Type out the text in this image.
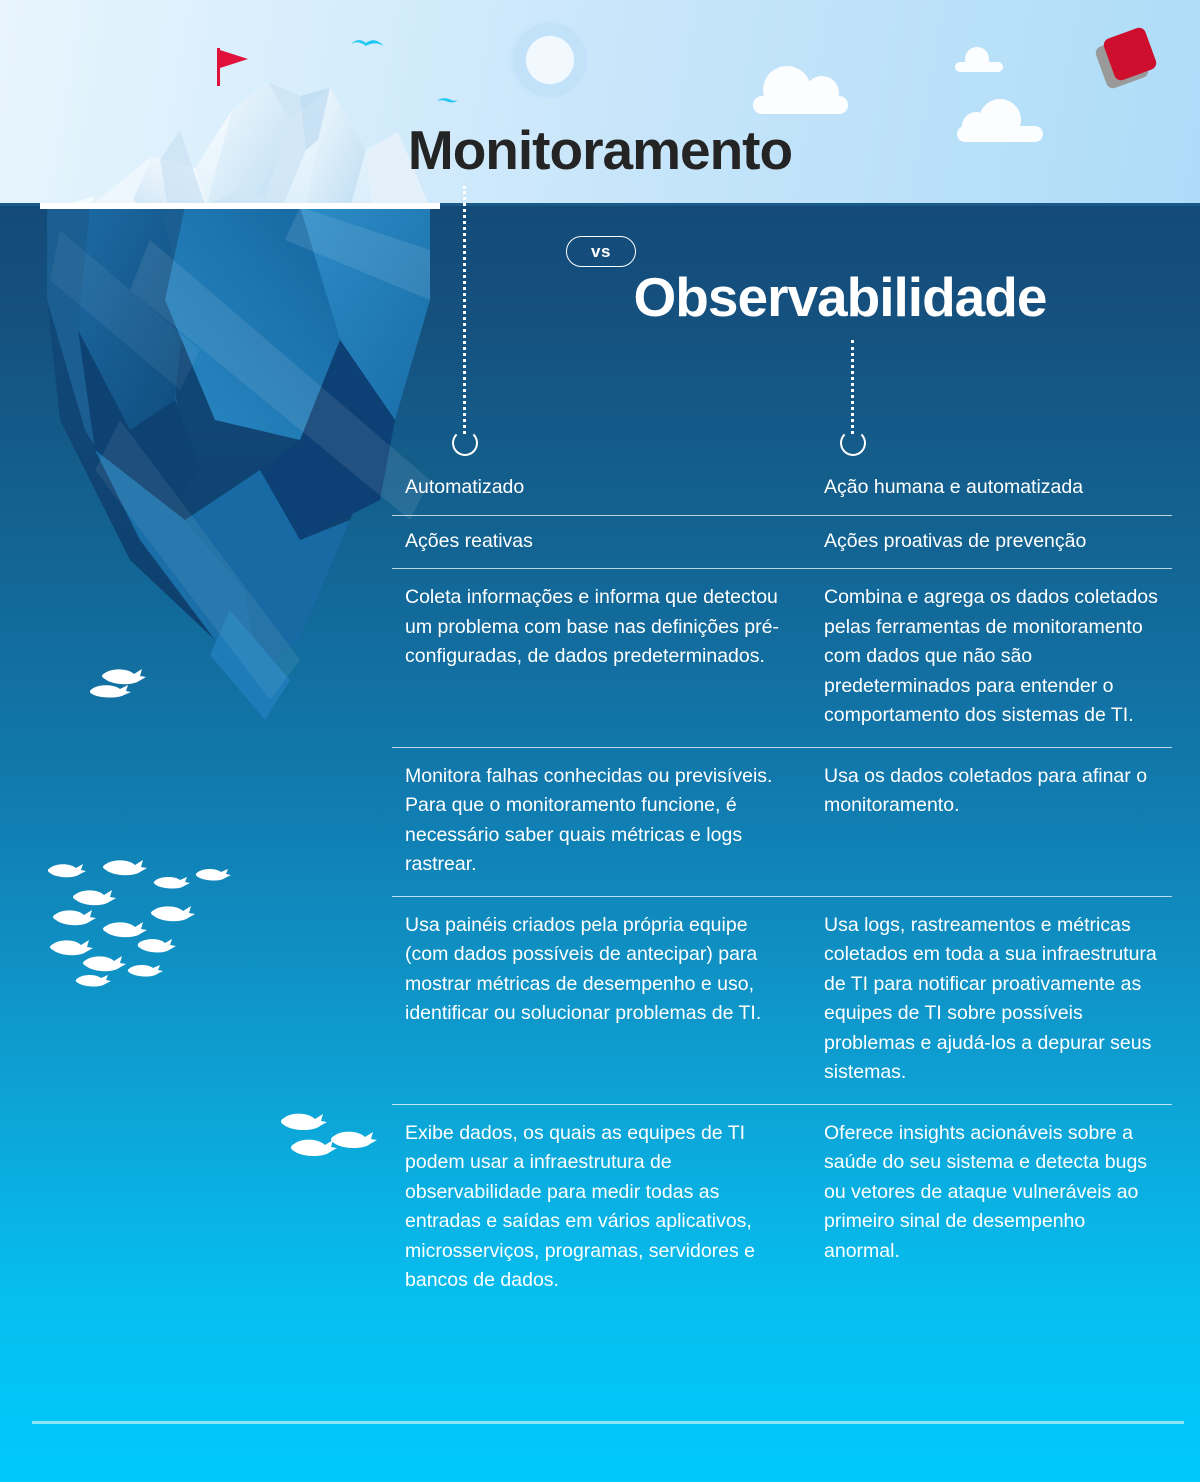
Monitoramento
vs
Observabilidade
Automatizado	Ação humana e automatizada
Ações reativas	Ações proativas de prevenção
Coleta informações e informa que detectou um problema com base nas definições pré-configuradas, de dados predeterminados.
Combina e agrega os dados coletados pelas ferramentas de monitoramento com dados que não são predeterminados para entender o comportamento dos sistemas de TI.
Monitora falhas conhecidas ou previsíveis. Para que o monitoramento funcione, é necessário saber quais métricas e logs rastrear.
Usa os dados coletados para afinar o monitoramento.
Usa painéis criados pela própria equipe (com dados possíveis de antecipar) para mostrar métricas de desempenho e uso, identificar ou solucionar problemas de TI.
Usa logs, rastreamentos e métricas coletados em toda a sua infraestrutura de TI para notificar proativamente as equipes de TI sobre possíveis problemas e ajudá-los a depurar seus sistemas.
Exibe dados, os quais as equipes de TI podem usar a infraestrutura de observabilidade para medir todas as entradas e saídas em vários aplicativos, microsserviços, programas, servidores e bancos de dados.
Oferece insights acionáveis sobre a saúde do seu sistema e detecta bugs ou vetores de ataque vulneráveis ao primeiro sinal de desempenho anormal.
